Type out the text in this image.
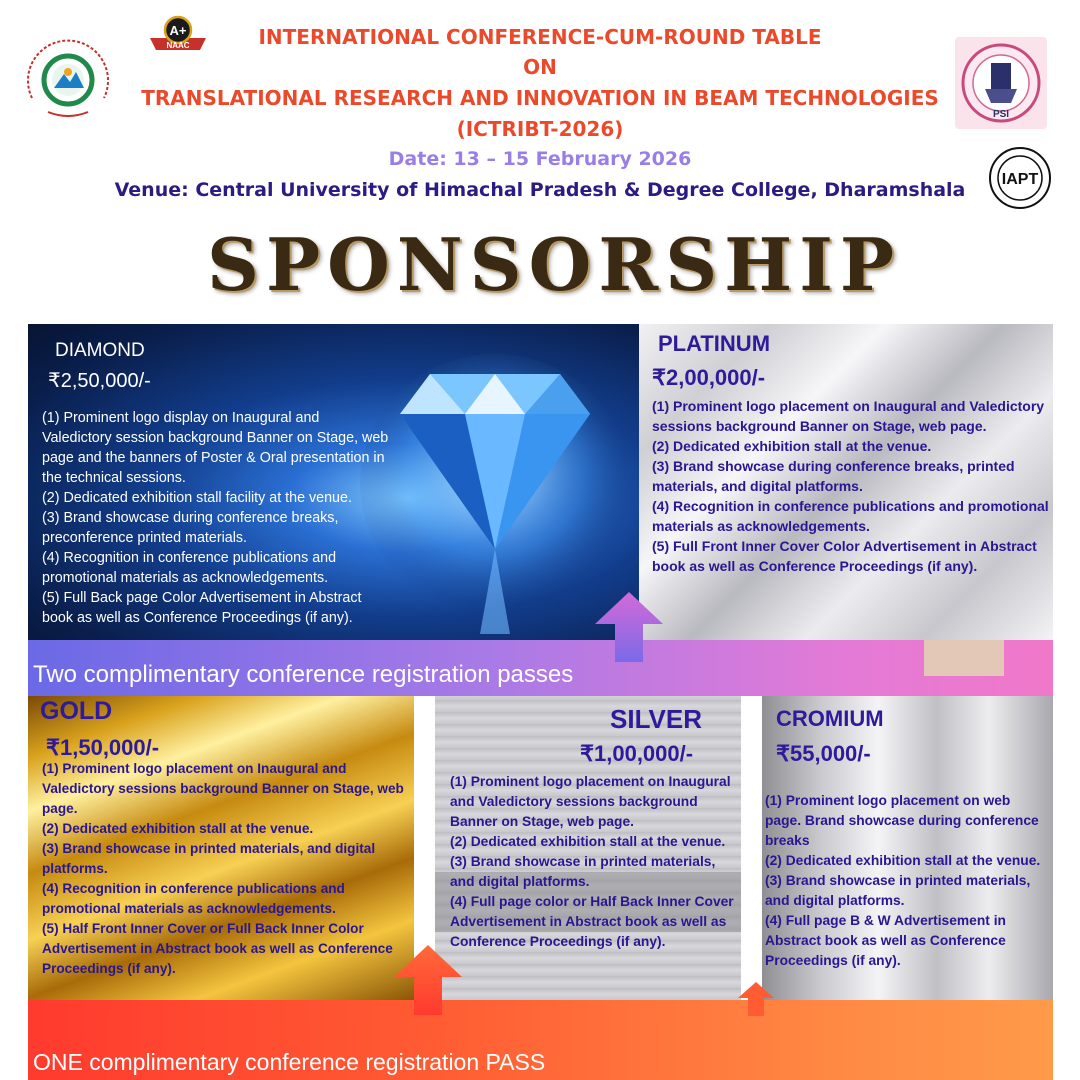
A+
NAAC
PSI
IAPT
INTERNATIONAL CONFERENCE-CUM-ROUND TABLE
ON
TRANSLATIONAL RESEARCH AND INNOVATION IN BEAM TECHNOLOGIES
(ICTRIBT-2026)
Date: 13 – 15 February 2026
Venue: Central University of Himachal Pradesh & Degree College, Dharamshala
SPONSORSHIP
DIAMOND
₹2,50,000/-
(1) Prominent logo display on Inaugural and Valedictory session background Banner on Stage, web page and the banners of Poster & Oral presentation in the technical sessions.
(2) Dedicated exhibition stall facility at the venue.
(3) Brand showcase during conference breaks, preconference printed materials.
(4) Recognition in conference publications and promotional materials as acknowledgements.
(5) Full Back page Color Advertisement in Abstract book as well as Conference Proceedings (if any).
PLATINUM
₹2,00,000/-
(1) Prominent logo placement on Inaugural and Valedictory sessions background Banner on Stage, web page.
(2) Dedicated exhibition stall at the venue.
(3) Brand showcase during conference breaks, printed materials, and digital platforms.
(4) Recognition in conference publications and promotional materials as acknowledgements.
(5) Full Front Inner Cover Color Advertisement in Abstract book as well as Conference Proceedings (if any).
Two complimentary conference registration passes
GOLD
₹1,50,000/-
(1) Prominent logo placement on Inaugural and Valedictory sessions background Banner on Stage, web page.
(2) Dedicated exhibition stall at the venue.
(3) Brand showcase in printed materials, and digital platforms.
(4) Recognition in conference publications and promotional materials as acknowledgements.
(5) Half Front Inner Cover or Full Back Inner Color Advertisement in Abstract book as well as Conference Proceedings (if any).
SILVER
₹1,00,000/-
(1) Prominent logo placement on Inaugural and Valedictory sessions background Banner on Stage, web page.
(2) Dedicated exhibition stall at the venue.
(3) Brand showcase in printed materials, and digital platforms.
(4) Full page color or Half Back Inner Cover Advertisement in Abstract book as well as Conference Proceedings (if any).
CROMIUM
₹55,000/-
(1) Prominent logo placement on web page. Brand showcase during conference breaks
(2) Dedicated exhibition stall at the venue.
(3) Brand showcase in printed materials, and digital platforms.
(4) Full page B & W Advertisement in Abstract book as well as Conference Proceedings (if any).
ONE complimentary conference registration PASS
